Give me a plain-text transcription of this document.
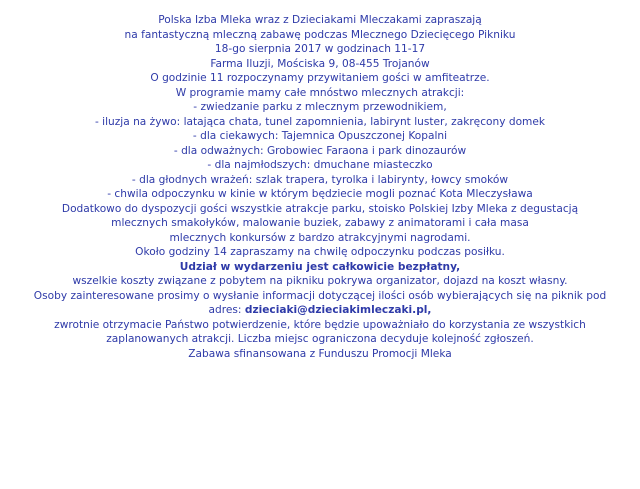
Polska Izba Mleka wraz z Dzieciakami Mleczakami zapraszają
na fantastyczną mleczną zabawę podczas Mlecznego Dziecięcego Pikniku

18-go sierpnia 2017 w godzinach 11-17
Farma Iluzji, Mościska 9, 08-455 Trojanów

O godzinie 11 rozpoczynamy przywitaniem gości w amfiteatrze.

W programie mamy całe mnóstwo mlecznych atrakcji:
- zwiedzanie parku z mlecznym przewodnikiem,
- iluzja na żywo: latająca chata, tunel zapomnienia, labirynt luster, zakręcony domek
- dla ciekawych: Tajemnica Opuszczonej Kopalni
- dla odważnych: Grobowiec Faraona i park dinozaurów
- dla najmłodszych: dmuchane miasteczko
- dla głodnych wrażeń: szlak trapera, tyrolka i labirynty, łowcy smoków
- chwila odpoczynku w kinie w którym będziecie mogli poznać Kota Mleczysława

Dodatkowo do dyspozycji gości wszystkie atrakcje parku, stoisko Polskiej Izby Mleka z degustacją
mlecznych smakołyków, malowanie buziek, zabawy z animatorami i cała masa
mlecznych konkursów z bardzo atrakcyjnymi nagrodami.

Około godziny 14 zapraszamy na chwilę odpoczynku podczas posiłku.

Udział w wydarzeniu jest całkowicie bezpłatny,
wszelkie koszty związane z pobytem na pikniku pokrywa organizator, dojazd na koszt własny.

Osoby zainteresowane prosimy o wysłanie informacji dotyczącej ilości osób wybierających się na piknik pod
adres: dzieciaki@dzieciakimleczaki.pl,
zwrotnie otrzymacie Państwo potwierdzenie, które będzie upoważniało do korzystania ze wszystkich
zaplanowanych atrakcji. Liczba miejsc ograniczona decyduje kolejność zgłoszeń.

Zabawa sfinansowana z Funduszu Promocji Mleka
